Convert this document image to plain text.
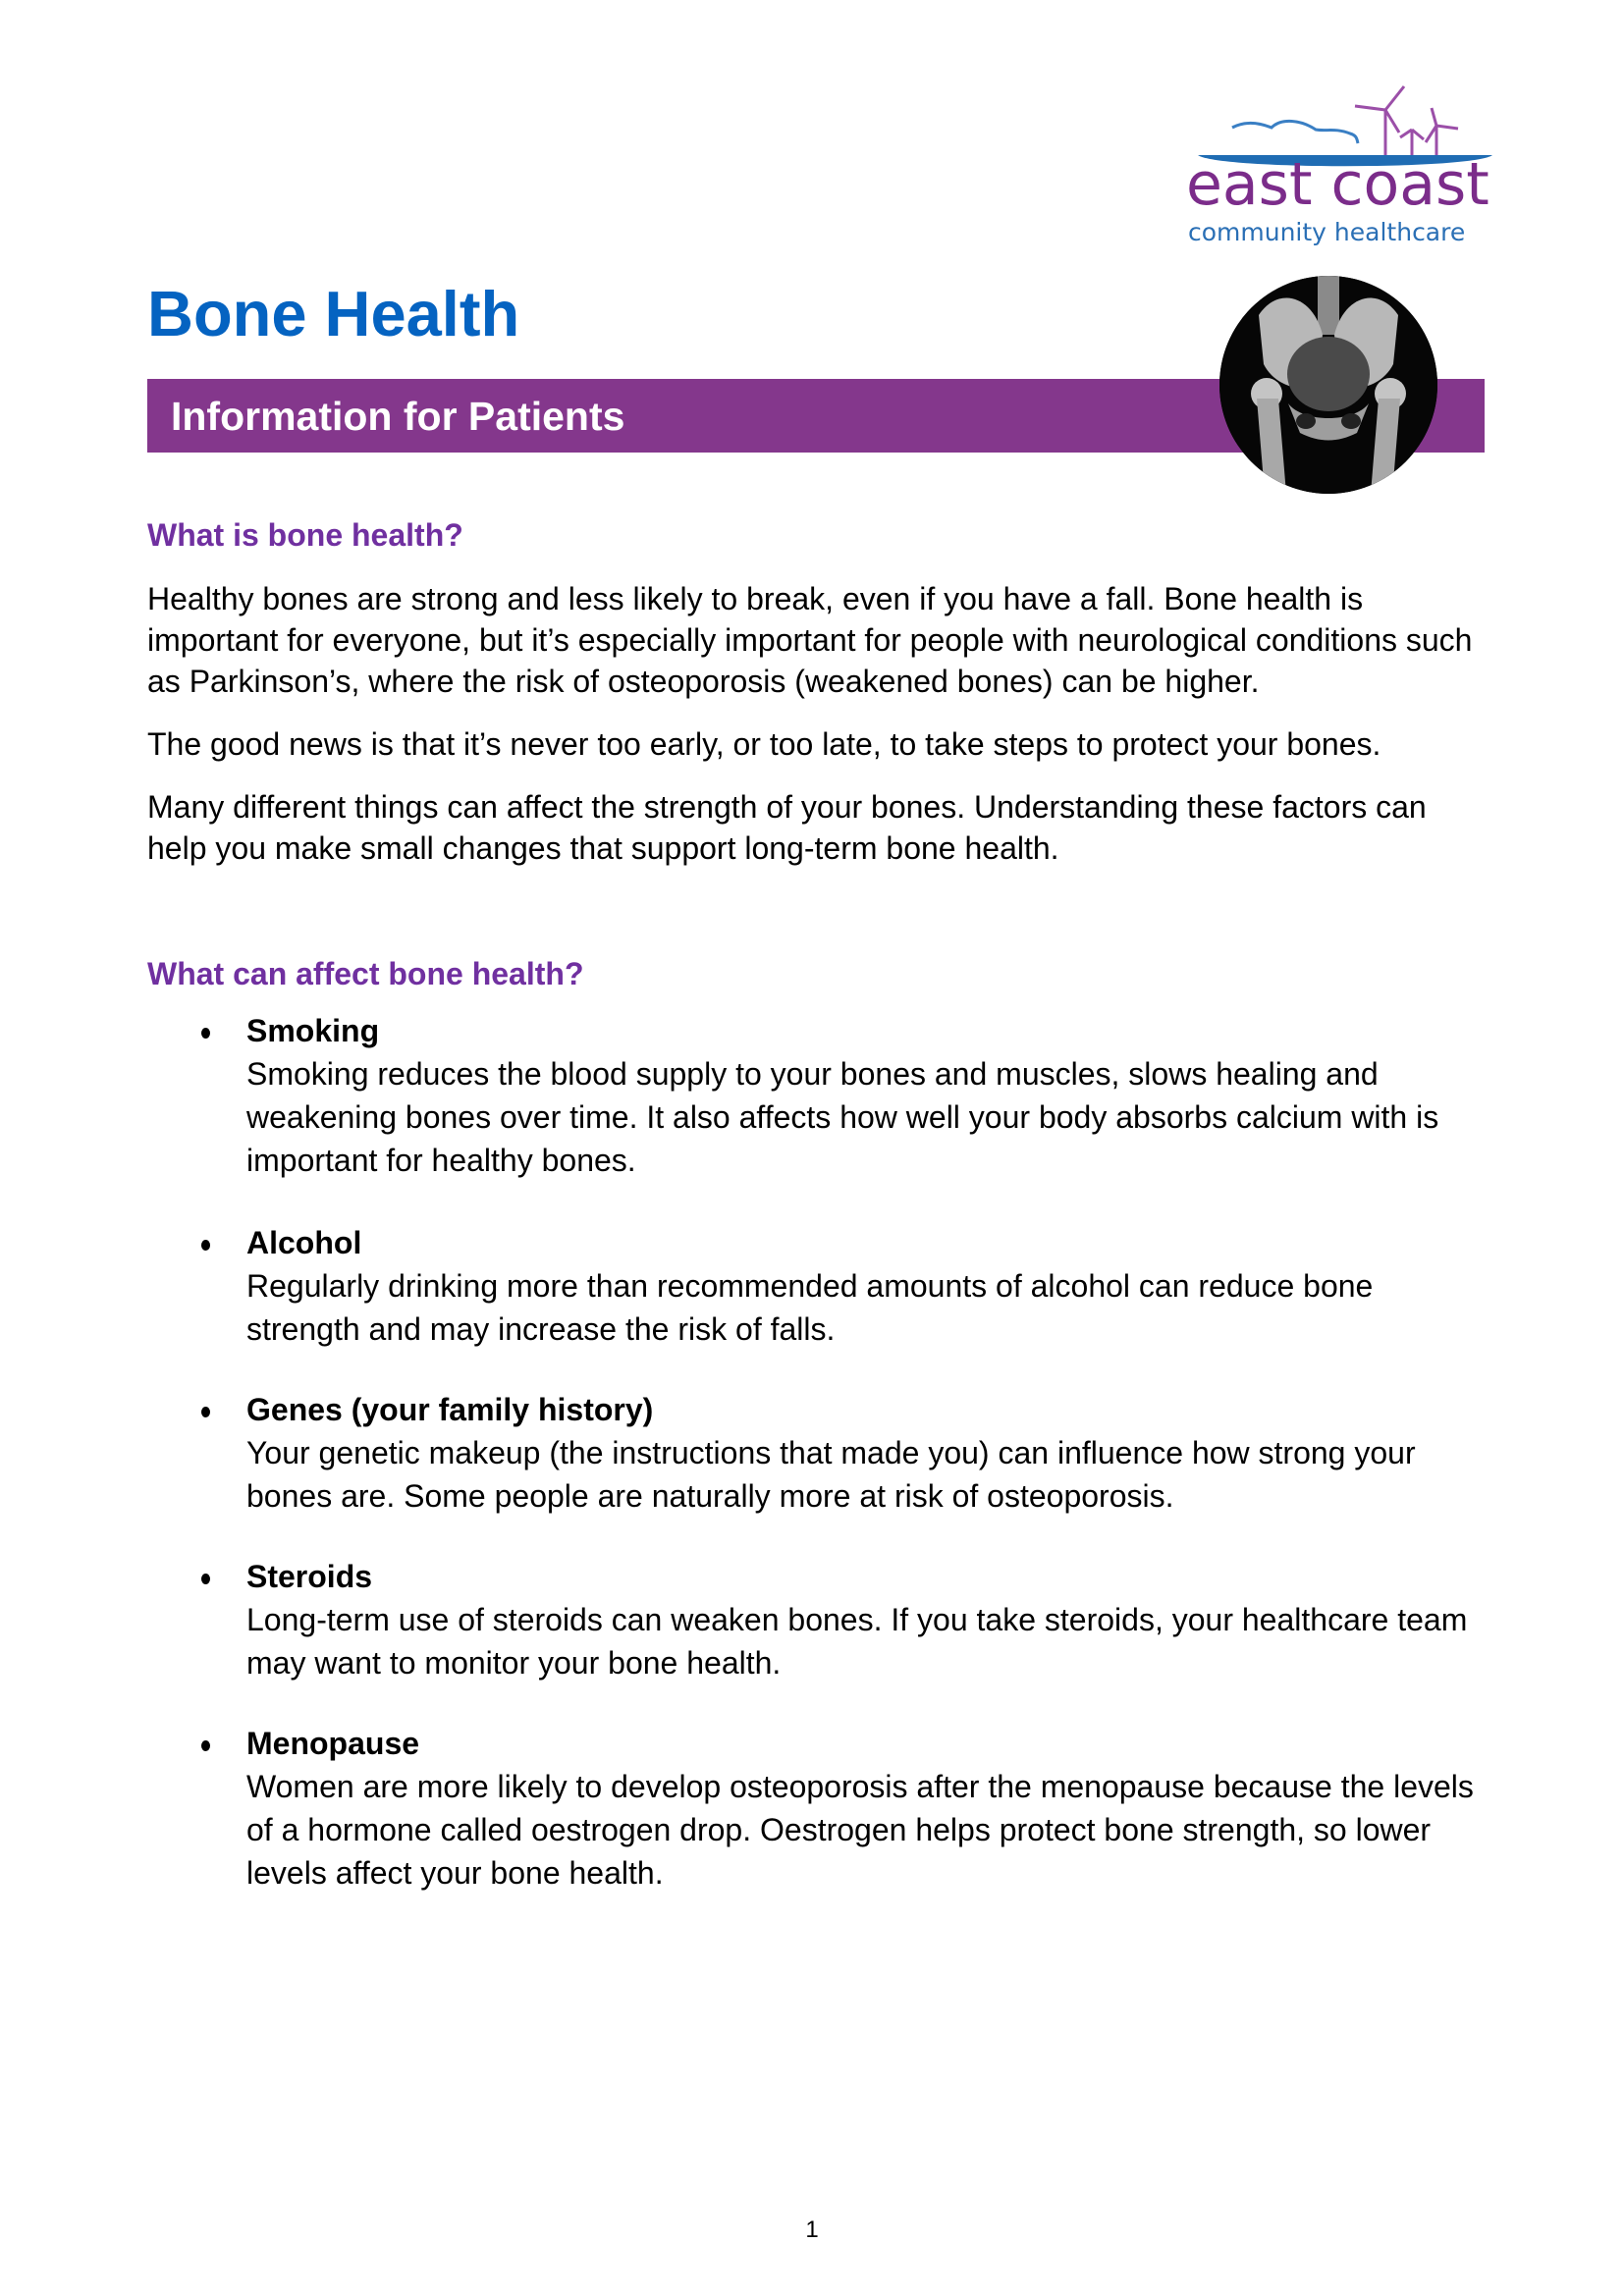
east coast
community healthcare
Bone Health
Information for Patients
What is bone health?

Healthy bones are strong and less likely to break, even if you have a fall. Bone health is important for everyone, but it’s especially important for people with neurological conditions such as Parkinson’s, where the risk of osteoporosis (weakened bones) can be higher.

The good news is that it’s never too early, or too late, to take steps to protect your bones.

Many different things can affect the strength of your bones. Understanding these factors can help you make small changes that support long-term bone health.

What can affect bone health?
Smoking
Smoking reduces the blood supply to your bones and muscles, slows healing and weakening bones over time. It also affects how well your body absorbs calcium with is important for healthy bones.
Alcohol
Regularly drinking more than recommended amounts of alcohol can reduce bone strength and may increase the risk of falls.
Genes (your family history)
Your genetic makeup (the instructions that made you) can influence how strong your bones are. Some people are naturally more at risk of osteoporosis.
Steroids
Long-term use of steroids can weaken bones. If you take steroids, your healthcare team may want to monitor your bone health.
Menopause
Women are more likely to develop osteoporosis after the menopause because the levels of a hormone called oestrogen drop. Oestrogen helps protect bone strength, so lower levels affect your bone health.
1
